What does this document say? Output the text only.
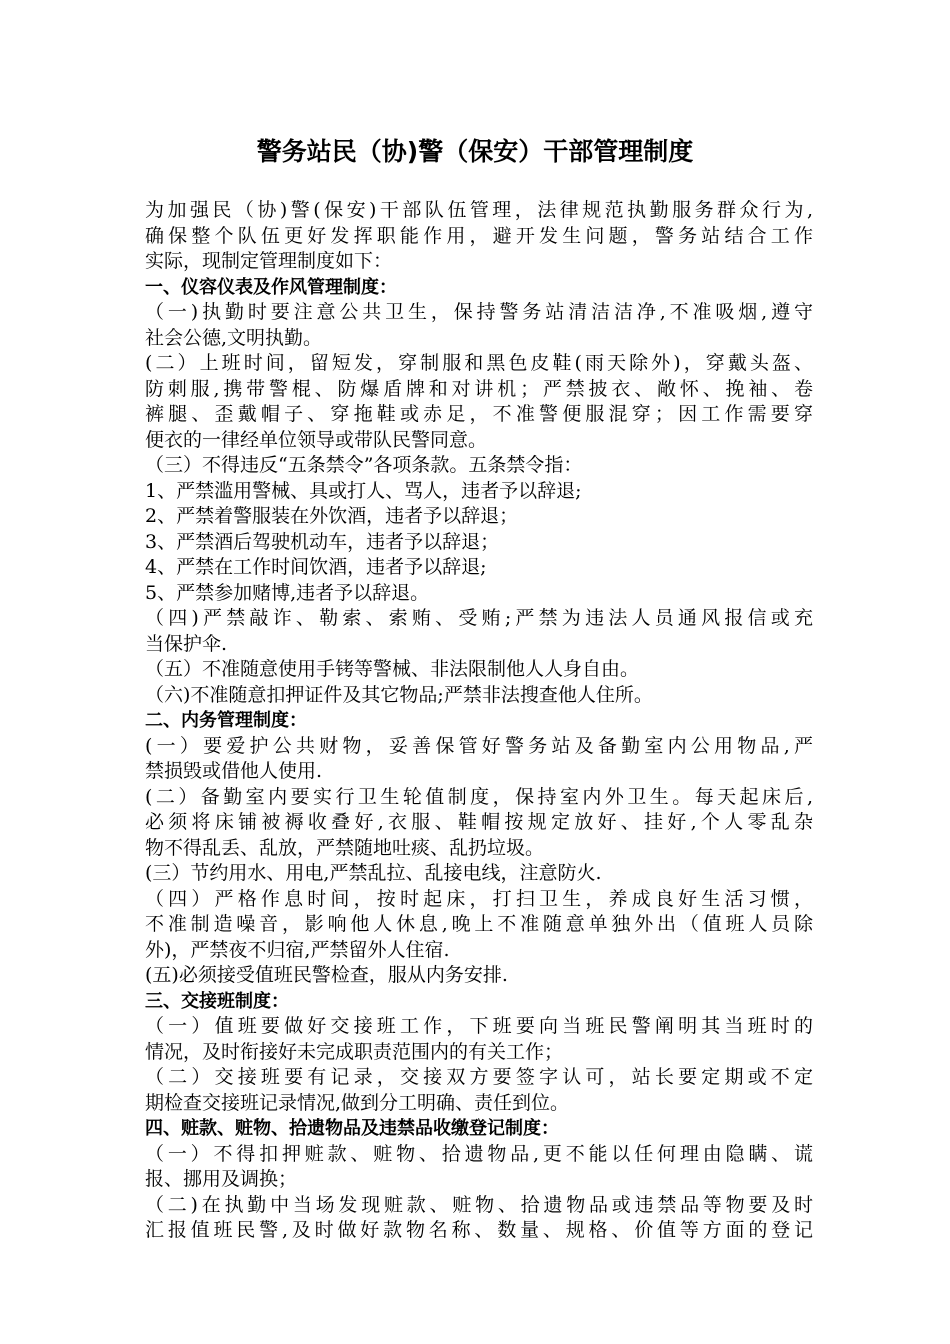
警务站民（协)警（保安）干部管理制度
为加强民（协)警(保安)干部队伍管理，法律规范执勤服务群众行为,
确保整个队伍更好发挥职能作用，避开发生问题，警务站结合工作
实际，现制定管理制度如下：
一、仪容仪表及作风管理制度：
（一)执勤时要注意公共卫生，保持警务站清洁洁净,不准吸烟,遵守
社会公德,文明执勤。
(二）上班时间，留短发，穿制服和黑色皮鞋(雨天除外)，穿戴头盔、
防刺服,携带警棍、防爆盾牌和对讲机；严禁披衣、敞怀、挽袖、卷
裤腿、歪戴帽子、穿拖鞋或赤足，不准警便服混穿；因工作需要穿
便衣的一律经单位领导或带队民警同意。
（三）不得违反“五条禁令”各项条款。五条禁令指：
1、严禁滥用警械、具或打人、骂人，违者予以辞退;
2、严禁着警服装在外饮酒，违者予以辞退；
3、严禁酒后驾驶机动车，违者予以辞退；
4、严禁在工作时间饮酒，违者予以辞退;
5、严禁参加赌博,违者予以辞退。
（四)严禁敲诈、勒索、索贿、受贿;严禁为违法人员通风报信或充
当保护伞.
（五）不准随意使用手铐等警械、非法限制他人人身自由。
（六)不准随意扣押证件及其它物品;严禁非法搜查他人住所。
二、内务管理制度：
(一）要爱护公共财物，妥善保管好警务站及备勤室内公用物品,严
禁损毁或借他人使用.
(二）备勤室内要实行卫生轮值制度，保持室内外卫生。每天起床后,
必须将床铺被褥收叠好,衣服、鞋帽按规定放好、挂好,个人零乱杂
物不得乱丢、乱放，严禁随地吐痰、乱扔垃圾。
(三）节约用水、用电,严禁乱拉、乱接电线，注意防火.
（四）严格作息时间，按时起床，打扫卫生，养成良好生活习惯，
不准制造噪音，影响他人休息,晚上不准随意单独外出（值班人员除
外)，严禁夜不归宿,严禁留外人住宿.
(五)必须接受值班民警检查，服从内务安排.
三、交接班制度：
（一）值班要做好交接班工作，下班要向当班民警阐明其当班时的
情况，及时衔接好未完成职责范围内的有关工作；
（二）交接班要有记录，交接双方要签字认可，站长要定期或不定
期检查交接班记录情况,做到分工明确、责任到位。
四、赃款、赃物、拾遗物品及违禁品收缴登记制度：
（一）不得扣押赃款、赃物、拾遗物品,更不能以任何理由隐瞒、谎
报、挪用及调换；
（二)在执勤中当场发现赃款、赃物、拾遗物品或违禁品等物要及时
汇报值班民警,及时做好款物名称、数量、规格、价值等方面的登记
